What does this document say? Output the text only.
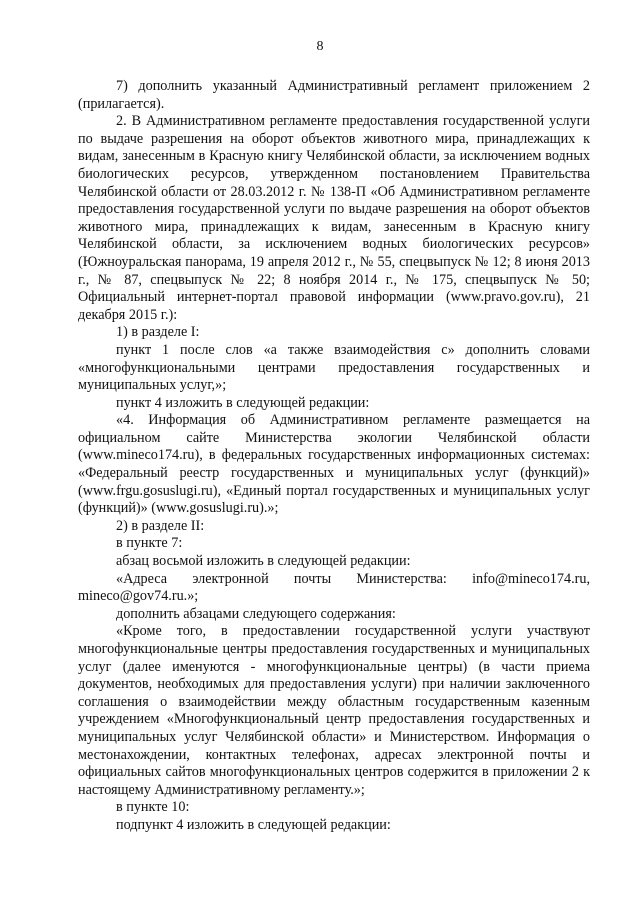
8

7) дополнить указанный Административный регламент приложением 2 (прилагается).

2. В Административном регламенте предоставления государственной услуги по выдаче разрешения на оборот объектов животного мира, принадлежащих к видам, занесенным в Красную книгу Челябинской области, за исключением водных биологических ресурсов, утвержденном постановлением Правительства Челябинской области от 28.03.2012 г. № 138-П «Об Административном регламенте предоставления государственной услуги по выдаче разрешения на оборот объектов животного мира, принадлежащих к видам, занесенным в Красную книгу Челябинской области, за исключением водных биологических ресурсов» (Южноуральская панорама, 19 апреля 2012 г., № 55, спецвыпуск № 12; 8 июня 2013 г., № 87, спецвыпуск № 22; 8 ноября 2014 г., № 175, спецвыпуск № 50; Официальный интернет-портал правовой информации (www.pravo.gov.ru), 21 декабря 2015 г.):

1) в разделе I:

пункт 1 после слов «а также взаимодействия с» дополнить словами «многофункциональными центрами предоставления государственных и муниципальных услуг,»;

пункт 4 изложить в следующей редакции:

«4. Информация об Административном регламенте размещается на официальном сайте Министерства экологии Челябинской области (www.mineco174.ru), в федеральных государственных информационных системах: «Федеральный реестр государственных и муниципальных услуг (функций)» (www.frgu.gosuslugi.ru), «Единый портал государственных и муниципальных услуг (функций)» (www.gosuslugi.ru).»;

2) в разделе II:

в пункте 7:

абзац восьмой изложить в следующей редакции:

«Адреса электронной почты Министерства: info@mineco174.ru, mineco@gov74.ru.»;

дополнить абзацами следующего содержания:

«Кроме того, в предоставлении государственной услуги участвуют многофункциональные центры предоставления государственных и муниципальных услуг (далее именуются - многофункциональные центры) (в части приема документов, необходимых для предоставления услуги) при наличии заключенного соглашения о взаимодействии между областным государственным казенным учреждением «Многофункциональный центр предоставления государственных и муниципальных услуг Челябинской области» и Министерством. Информация о местонахождении, контактных телефонах, адресах электронной почты и официальных сайтов многофункциональных центров содержится в приложении 2 к настоящему Административному регламенту.»;

в пункте 10:

подпункт 4 изложить в следующей редакции:
